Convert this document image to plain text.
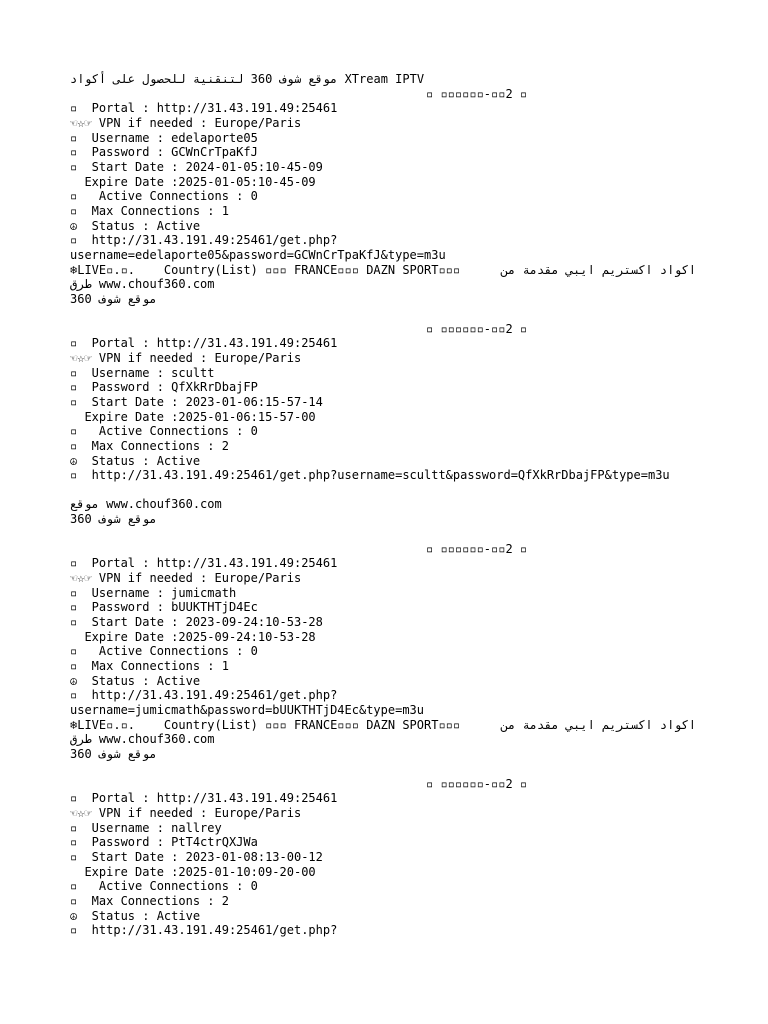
موقع شوف 360 لتنقنية للحصول على أكواد XTream IPTV
▫ ▫▫▫▫▫▫-▫▫2 ▫
▫  Portal : http://31.43.191.49:25461
☜☆☞ VPN if needed : Europe/Paris
▫  Username : edelaporte05
▫  Password : GCWnCrTpaKfJ
▫  Start Date : 2024-01-05:10-45-09
Expire Date :2025-01-05:10-45-09
▫   Active Connections : 0
▫  Max Connections : 1
☮  Status : Active
▫  http://31.43.191.49:25461/get.php?
username=edelaporte05&password=GCWnCrTpaKfJ&type=m3u
❄LIVE▫.▫.    Country(List) ▫▫▫ FRANCE▫▫▫ DAZN SPORT▫▫▫	اكواد اكستريم ايبي مقدمة من
طرق www.chouf360.com
موقع شوف 360
▫ ▫▫▫▫▫▫-▫▫2 ▫
▫  Portal : http://31.43.191.49:25461
☜☆☞ VPN if needed : Europe/Paris
▫  Username : scultt
▫  Password : QfXkRrDbajFP
▫  Start Date : 2023-01-06:15-57-14
Expire Date :2025-01-06:15-57-00
▫   Active Connections : 0
▫  Max Connections : 2
☮  Status : Active
▫  http://31.43.191.49:25461/get.php?username=scultt&password=QfXkRrDbajFP&type=m3u
موقع www.chouf360.com
موقع شوف 360
▫ ▫▫▫▫▫▫-▫▫2 ▫
▫  Portal : http://31.43.191.49:25461
☜☆☞ VPN if needed : Europe/Paris
▫  Username : jumicmath
▫  Password : bUUKTHTjD4Ec
▫  Start Date : 2023-09-24:10-53-28
Expire Date :2025-09-24:10-53-28
▫   Active Connections : 0
▫  Max Connections : 1
☮  Status : Active
▫  http://31.43.191.49:25461/get.php?
username=jumicmath&password=bUUKTHTjD4Ec&type=m3u
❄LIVE▫.▫.    Country(List) ▫▫▫ FRANCE▫▫▫ DAZN SPORT▫▫▫	اكواد اكستريم ايبي مقدمة من
طرق www.chouf360.com
موقع شوف 360
▫ ▫▫▫▫▫▫-▫▫2 ▫
▫  Portal : http://31.43.191.49:25461
☜☆☞ VPN if needed : Europe/Paris
▫  Username : nallrey
▫  Password : PtT4ctrQXJWa
▫  Start Date : 2023-01-08:13-00-12
Expire Date :2025-01-10:09-20-00
▫   Active Connections : 0
▫  Max Connections : 2
☮  Status : Active
▫  http://31.43.191.49:25461/get.php?
